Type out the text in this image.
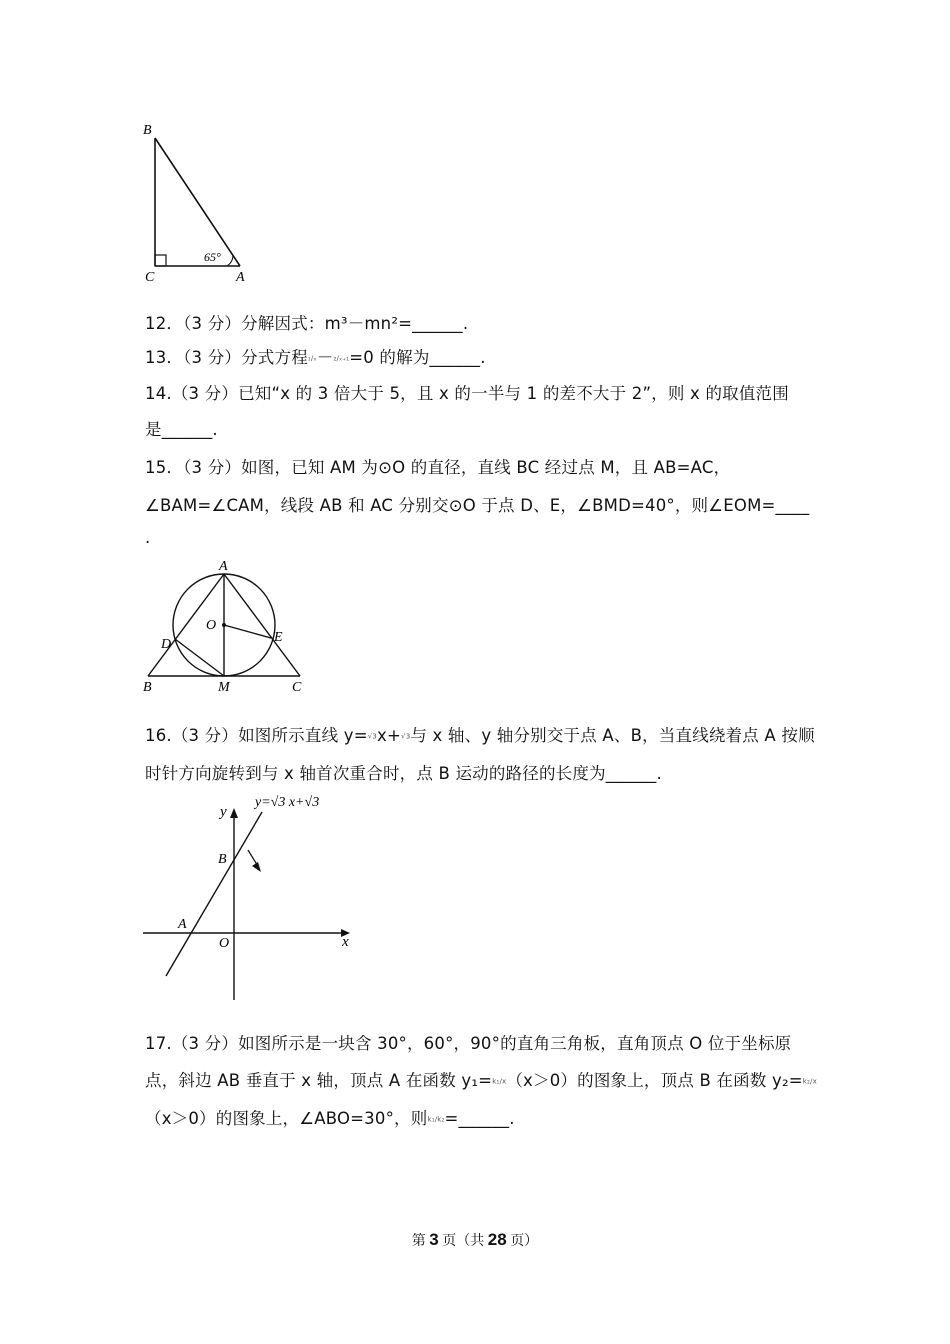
B
C	A
65°
12．（3 分）分解因式：m³－mn²=______.
13．（3 分）分式方程₁/ₓ－₂/ₓ₊₁=0 的解为______.
14.（3 分）已知“x 的 3 倍大于 5，且 x 的一半与 1 的差不大于 2”，则 x 的取值范围
是______.
15．（3 分）如图，已知 AM 为⊙O 的直径，直线 BC 经过点 M，且 AB=AC，
∠BAM=∠CAM，线段 AB 和 AC 分别交⊙O 于点 D、E，∠BMD=40°，则∠EOM=____
.
A
O
D	E
B	M	C
16.（3 分）如图所示直线 y=√3x+√3与 x 轴、y 轴分别交于点 A、B，当直线绕着点 A 按顺
时针方向旋转到与 x 轴首次重合时，点 B 运动的路径的长度为______.
y=√3 x+√3
y
x
B
A
O
17.（3 分）如图所示是一块含 30°，60°，90°的直角三角板，直角顶点 O 位于坐标原
点，斜边 AB 垂直于 x 轴，顶点 A 在函数 y₁=k₁/x（x＞0）的图象上，顶点 B 在函数 y₂=k₂/x
（x＞0）的图象上，∠ABO=30°，则k₁/k₂=______.
第 3 页（共 28 页）
